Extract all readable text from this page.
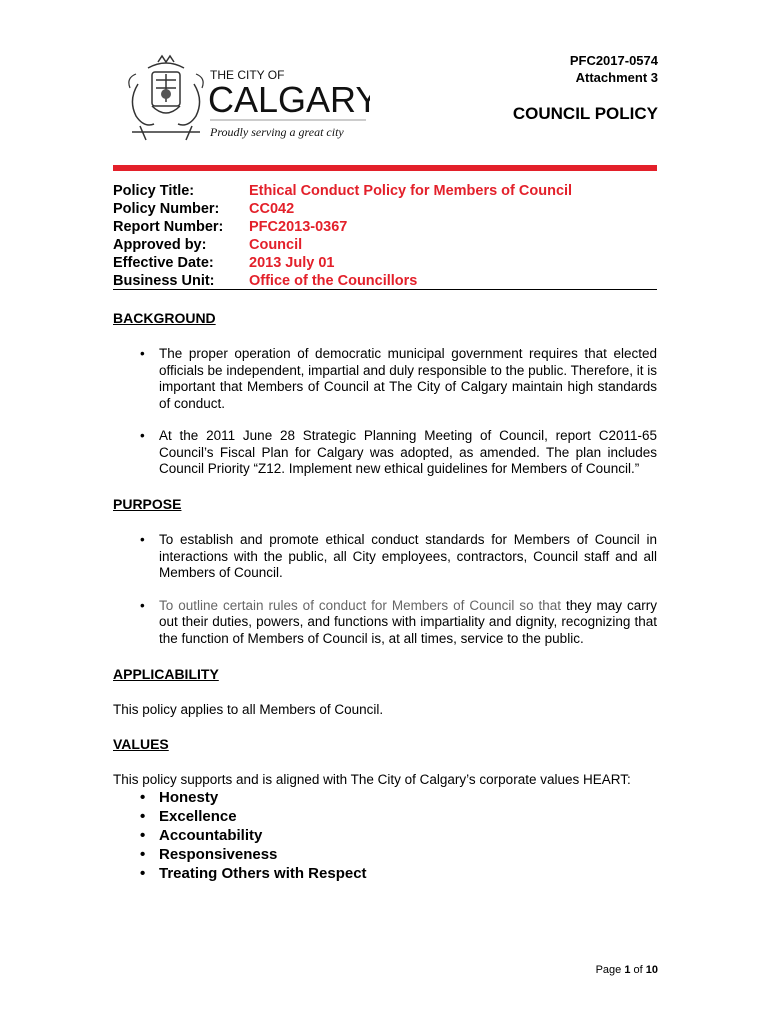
PFC2017-0574
Attachment 3
THE CITY OF
CALGARY
Proudly serving a great city
COUNCIL POLICY
Policy Title:	Ethical Conduct Policy for Members of Council
Policy Number:	CC042
Report Number:	PFC2013-0367
Approved by:	Council
Effective Date:	2013 July 01
Business Unit:	Office of the Councillors
BACKGROUND
• The proper operation of democratic municipal government requires that elected officials be independent, impartial and duly responsible to the public. Therefore, it is important that Members of Council at The City of Calgary maintain high standards of conduct.
• At the 2011 June 28 Strategic Planning Meeting of Council, report C2011-65 Council’s Fiscal Plan for Calgary was adopted, as amended. The plan includes Council Priority “Z12. Implement new ethical guidelines for Members of Council.”
PURPOSE
• To establish and promote ethical conduct standards for Members of Council in interactions with the public, all City employees, contractors, Council staff and all Members of Council.
• To outline certain rules of conduct for Members of Council so that they may carry out their duties, powers, and functions with impartiality and dignity, recognizing that the function of Members of Council is, at all times, service to the public.
APPLICABILITY
This policy applies to all Members of Council.
VALUES
This policy supports and is aligned with The City of Calgary’s corporate values HEART:
• Honesty
• Excellence
• Accountability
• Responsiveness
• Treating Others with Respect
Page 1 of 10
